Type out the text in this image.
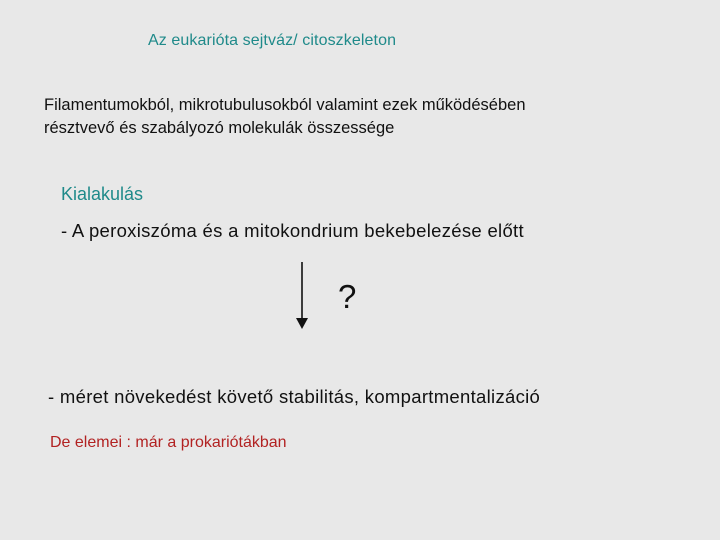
Az eukarióta sejtváz/ citoszkeleton

Filamentumokból, mikrotubulusokból valamint ezek működésében
résztvevő és szabályozó molekulák összessége

Kialakulás

- A peroxiszóma és a mitokondrium bekebelezése előtt

?

- méret növekedést követő stabilitás, kompartmentalizáció

De elemei : már a prokariótákban
